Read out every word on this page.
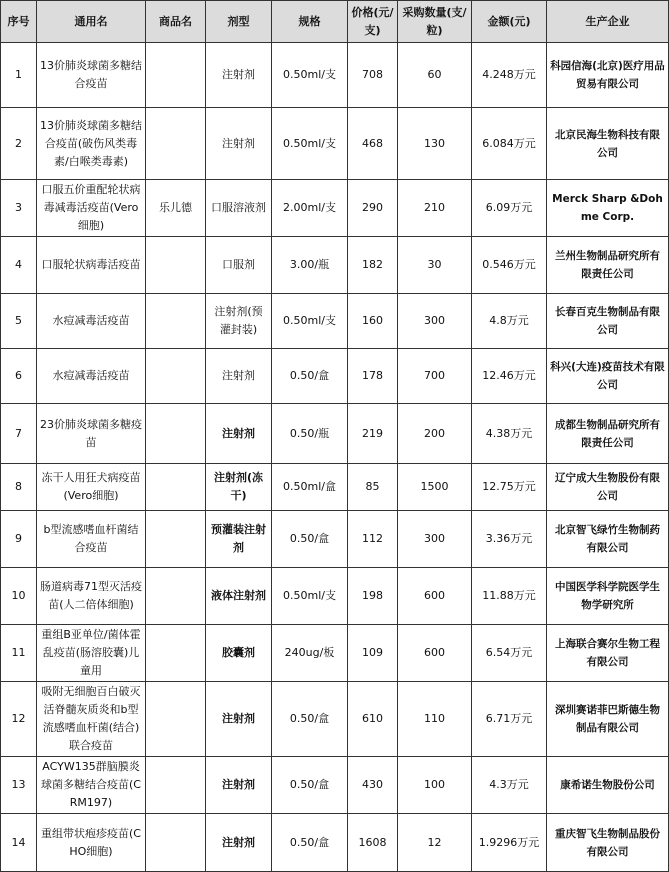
序号	通用名	商品名	剂型	规格	价格(元/支)	采购数量(支/粒)	金额(元)	生产企业
1	13价肺炎球菌多糖结合疫苗		注射剂	0.50ml/支	708	60	4.248万元	科园信海(北京)医疗用品贸易有限公司
2	13价肺炎球菌多糖结合疫苗(破伤风类毒素/白喉类毒素)		注射剂	0.50ml/支	468	130	6.084万元	北京民海生物科技有限公司
3	口服五价重配轮状病毒减毒活疫苗(Vero细胞)	乐儿德	口服溶液剂	2.00ml/支	290	210	6.09万元	Merck Sharp &Dohme Corp.
4	口服轮状病毒活疫苗		口服剂	3.00/瓶	182	30	0.546万元	兰州生物制品研究所有限责任公司
5	水痘减毒活疫苗		注射剂(预灌封装)	0.50ml/支	160	300	4.8万元	长春百克生物制品有限公司
6	水痘减毒活疫苗		注射剂	0.50/盒	178	700	12.46万元	科兴(大连)疫苗技术有限公司
7	23价肺炎球菌多糖疫苗		注射剂	0.50/瓶	219	200	4.38万元	成都生物制品研究所有限责任公司
8	冻干人用狂犬病疫苗(Vero细胞)		注射剂(冻干)	0.50ml/盒	85	1500	12.75万元	辽宁成大生物股份有限公司
9	b型流感嗜血杆菌结合疫苗		预灌装注射剂	0.50/盒	112	300	3.36万元	北京智飞绿竹生物制药有限公司
10	肠道病毒71型灭活疫苗(人二倍体细胞)		液体注射剂	0.50ml/支	198	600	11.88万元	中国医学科学院医学生物学研究所
11	重组B亚单位/菌体霍乱疫苗(肠溶胶囊)儿童用		胶囊剂	240ug/板	109	600	6.54万元	上海联合赛尔生物工程有限公司
12	吸附无细胞百白破灭活脊髓灰质炎和b型流感嗜血杆菌(结合)联合疫苗		注射剂	0.50/盒	610	110	6.71万元	深圳赛诺菲巴斯德生物制品有限公司
13	ACYW135群脑膜炎球菌多糖结合疫苗(CRM197)		注射剂	0.50/盒	430	100	4.3万元	康希诺生物股份公司
14	重组带状疱疹疫苗(CHO细胞)		注射剂	0.50/盒	1608	12	1.9296万元	重庆智飞生物制品股份有限公司
